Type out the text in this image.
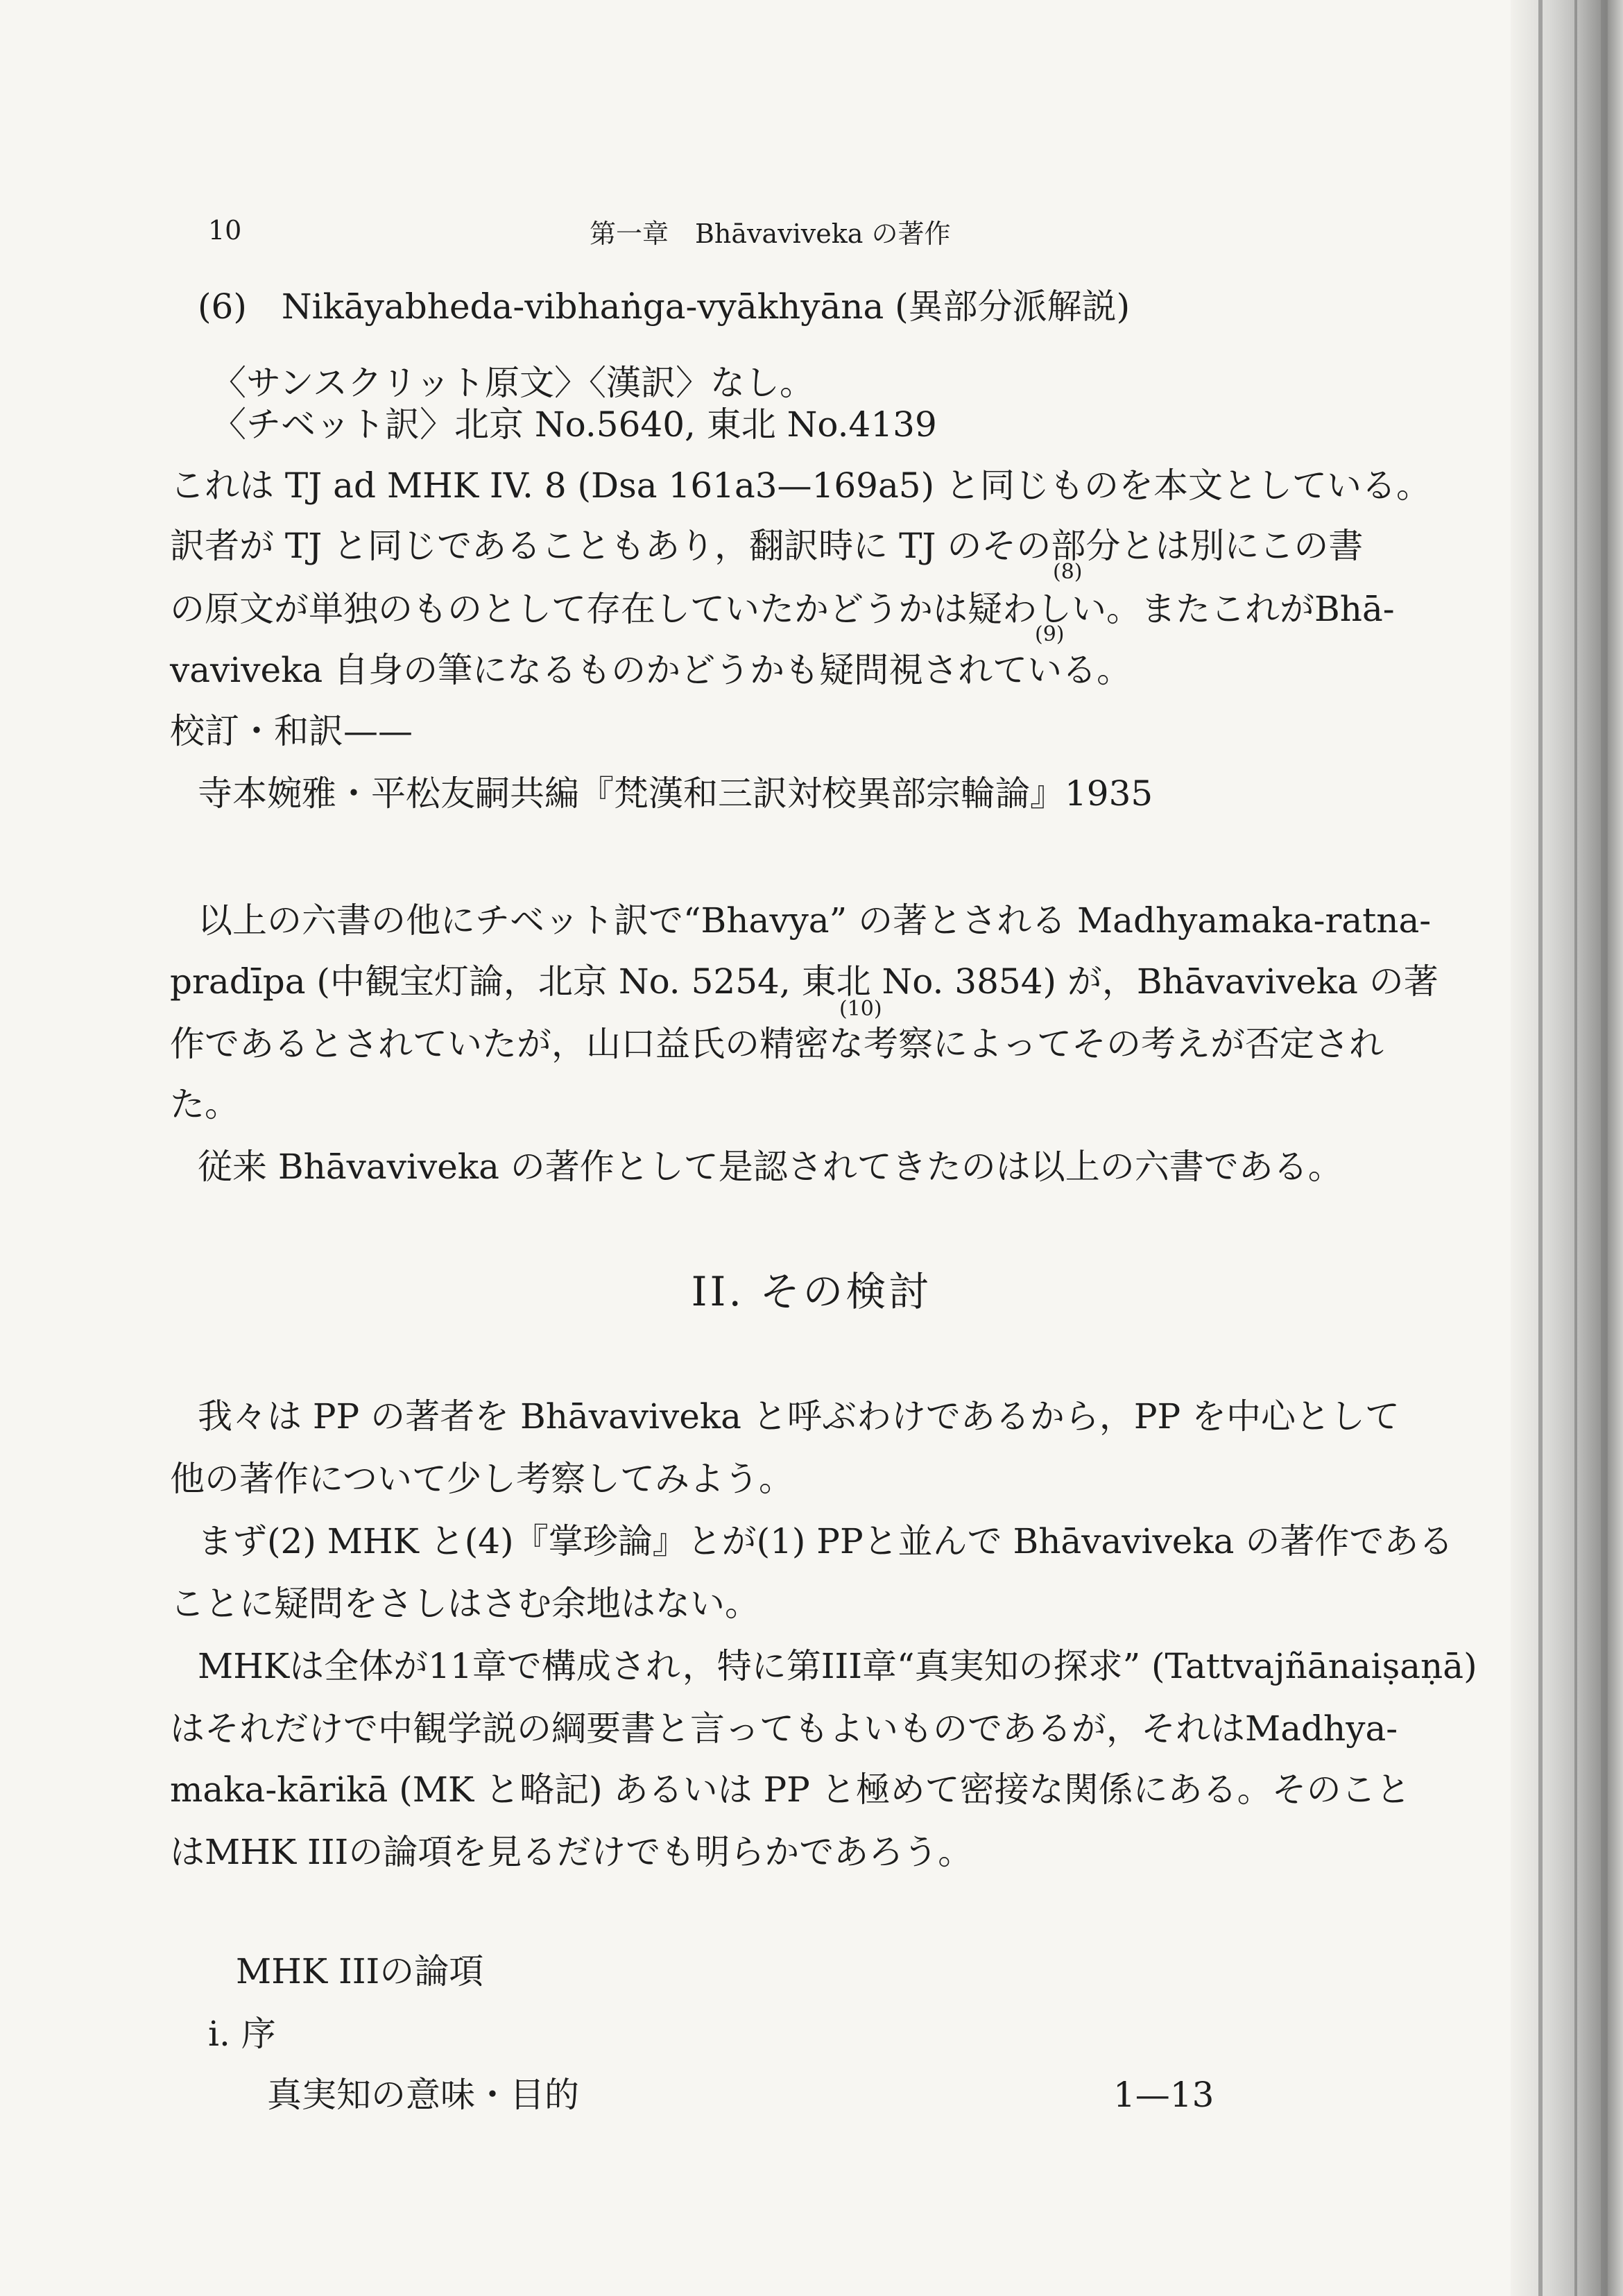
10	第一章　Bhāvaviveka の著作
(6)　Nikāyabheda-vibhaṅga-vyākhyāna (異部分派解説)
〈サンスクリット原文〉〈漢訳〉なし。
〈チベット訳〉北京 No.5640, 東北 No.4139
これは TJ ad MHK IV. 8 (Dsa 161a3—169a5) と同じものを本文としている。
訳者が TJ と同じであることもあり，翻訳時に TJ のその部分とは別にこの書
の原文が単独のものとして存在していたかどうかは疑わしい。またこれがBhā-
(8)
vaviveka 自身の筆になるものかどうかも疑問視されている。
(9)
校訂・和訳——
寺本婉雅・平松友嗣共編『梵漢和三訳対校異部宗輪論』1935
以上の六書の他にチベット訳で“Bhavya” の著とされる Madhyamaka-ratna-
pradīpa (中観宝灯論，北京 No. 5254, 東北 No. 3854) が，Bhāvaviveka の著
作であるとされていたが，山口益氏の精密な考察によってその考えが否定され
(10)
た。
従来 Bhāvaviveka の著作として是認されてきたのは以上の六書である。
II. その検討
我々は PP の著者を Bhāvaviveka と呼ぶわけであるから，PP を中心として
他の著作について少し考察してみよう。
まず(2) MHK と(4)『掌珍論』とが(1) PPと並んで Bhāvaviveka の著作である
ことに疑問をさしはさむ余地はない。
MHKは全体が11章で構成され，特に第III章“真実知の探求” (Tattvajñānaiṣaṇā)
はそれだけで中観学説の綱要書と言ってもよいものであるが，それはMadhya-
maka-kārikā (MK と略記) あるいは PP と極めて密接な関係にある。そのこと
はMHK IIIの論項を見るだけでも明らかであろう。
MHK IIIの論項
i. 序
真実知の意味・目的	1—13
